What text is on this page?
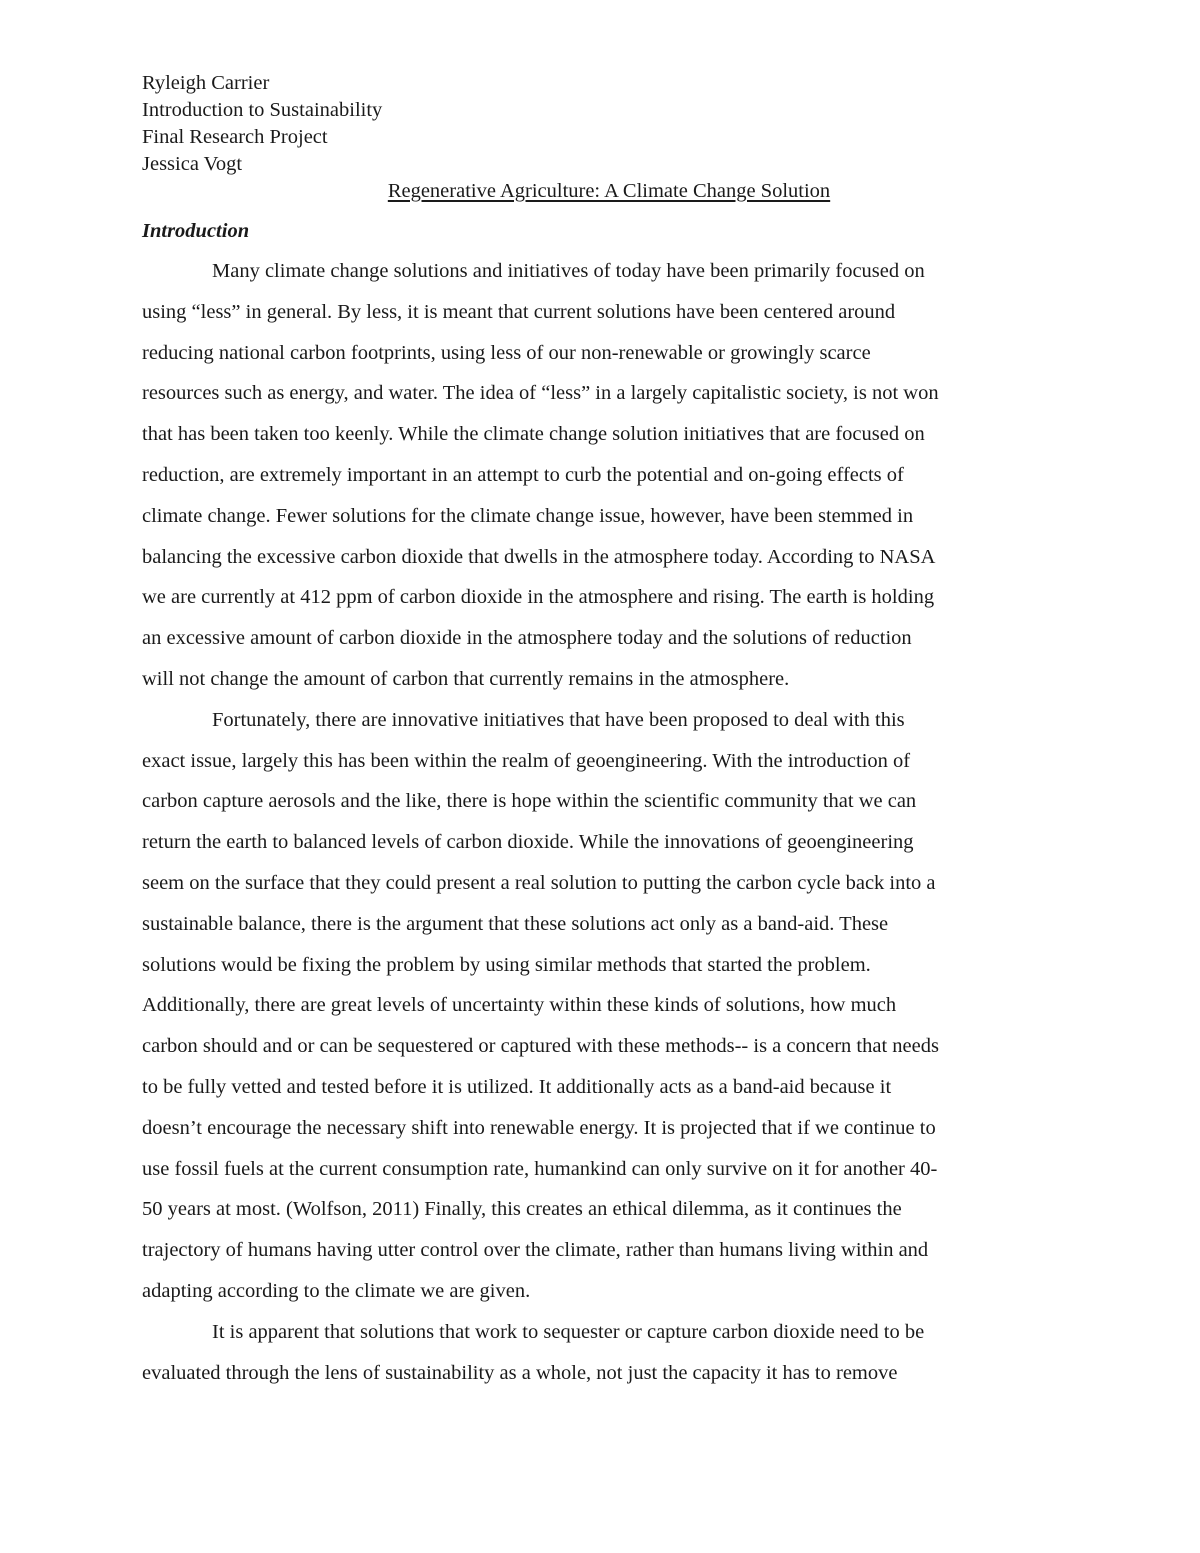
Ryleigh Carrier

Introduction to Sustainability

Final Research Project

Jessica Vogt

Regenerative Agriculture: A Climate Change Solution

Introduction

Many climate change solutions and initiatives of today have been primarily focused on
using “less” in general. By less, it is meant that current solutions have been centered around
reducing national carbon footprints, using less of our non-renewable or growingly scarce
resources such as energy, and water. The idea of “less” in a largely capitalistic society, is not won
that has been taken too keenly. While the climate change solution initiatives that are focused on
reduction, are extremely important in an attempt to curb the potential and on-going effects of
climate change. Fewer solutions for the climate change issue, however, have been stemmed in
balancing the excessive carbon dioxide that dwells in the atmosphere today. According to NASA
we are currently at 412 ppm of carbon dioxide in the atmosphere and rising. The earth is holding
an excessive amount of carbon dioxide in the atmosphere today and the solutions of reduction
will not change the amount of carbon that currently remains in the atmosphere.
Fortunately, there are innovative initiatives that have been proposed to deal with this
exact issue, largely this has been within the realm of geoengineering. With the introduction of
carbon capture aerosols and the like, there is hope within the scientific community that we can
return the earth to balanced levels of carbon dioxide. While the innovations of geoengineering
seem on the surface that they could present a real solution to putting the carbon cycle back into a
sustainable balance, there is the argument that these solutions act only as a band-aid. These
solutions would be fixing the problem by using similar methods that started the problem.
Additionally, there are great levels of uncertainty within these kinds of solutions, how much
carbon should and or can be sequestered or captured with these methods-- is a concern that needs
to be fully vetted and tested before it is utilized. It additionally acts as a band-aid because it
doesn’t encourage the necessary shift into renewable energy. It is projected that if we continue to
use fossil fuels at the current consumption rate, humankind can only survive on it for another 40-
50 years at most. (Wolfson, 2011) Finally, this creates an ethical dilemma, as it continues the
trajectory of humans having utter control over the climate, rather than humans living within and
adapting according to the climate we are given.
It is apparent that solutions that work to sequester or capture carbon dioxide need to be
evaluated through the lens of sustainability as a whole, not just the capacity it has to remove
